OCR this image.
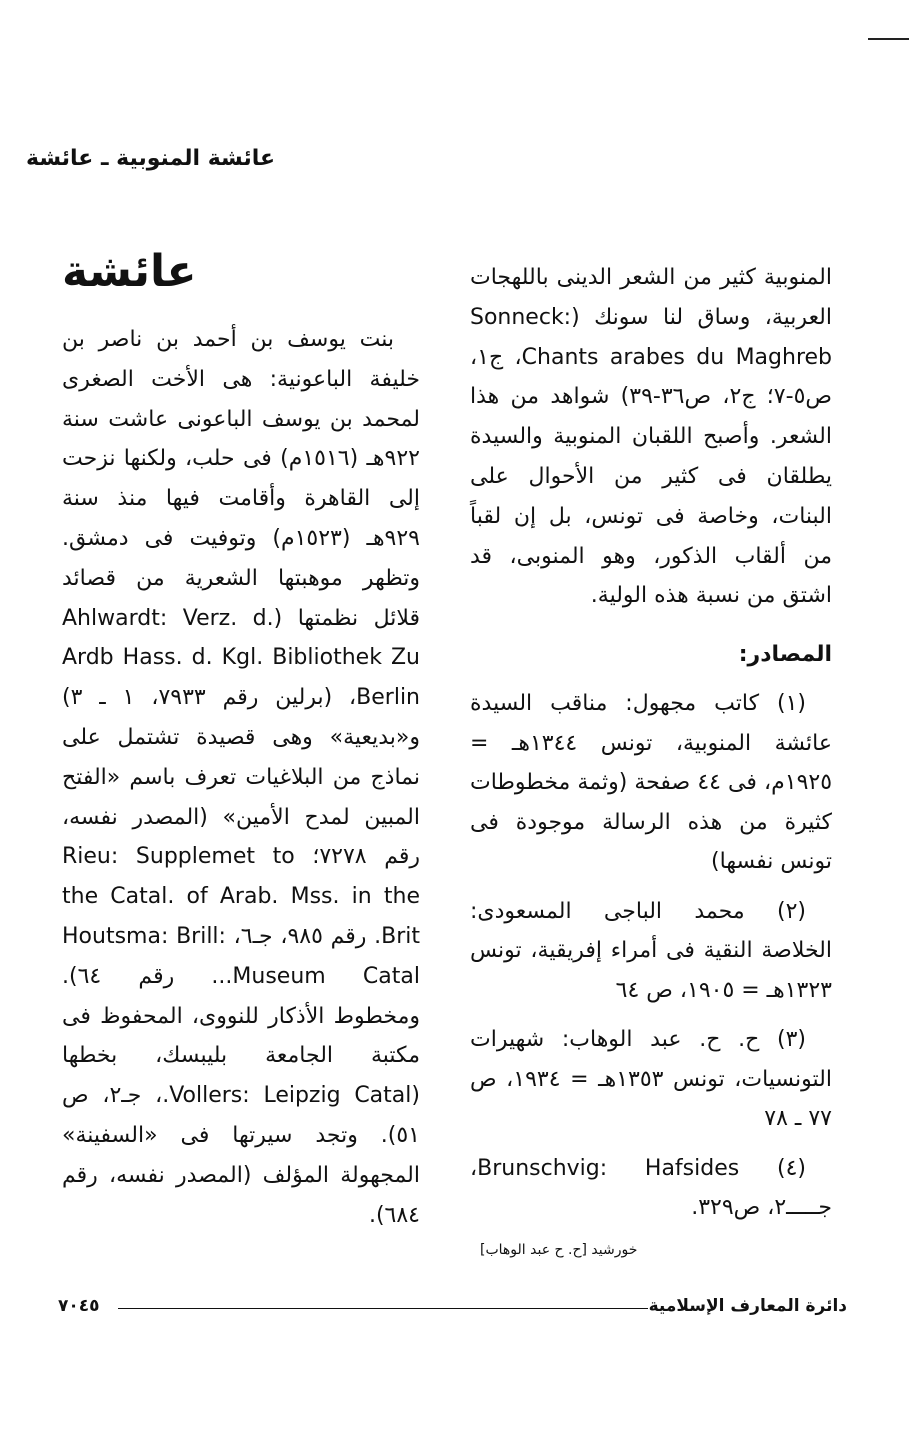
عائشة المنوبية ـ عائشة
عائشة

بنت يوسف بن أحمد بن ناصر بن خليفة الباعونية: هى الأخت الصغرى لمحمد بن يوسف الباعونى عاشت سنة ٩٢٢هـ (١٥١٦م) فى حلب، ولكنها نزحت إلى القاهرة وأقامت فيها منذ سنة ٩٢٩هـ (١٥٢٣م) وتوفيت فى دمشق. وتظهر موهبتها الشعرية من قصائد قلائل نظمتها (Ahlwardt: Verz. d. Ardb Hass. d. Kgl. Bibliothek Zu Berlin، (برلين رقم ٧٩٣٣، ١ ـ ٣) و«بديعية» وهى قصيدة تشتمل على نماذج من البلاغيات تعرف باسم «الفتح المبين لمدح الأمين» (المصدر نفسه، رقم ٧٢٧٨؛ Rieu: Supplemet to the Catal. of Arab. Mss. in the Brit. رقم ٩٨٥، جـ٦، Houtsma: Brill: Museum Catal... رقم ٦٤). ومخطوط الأذكار للنووى، المحفوظ فى مكتبة الجامعة بليبسك، بخطها (Vollers: Leipzig Catal.، جـ٢، ص ٥١). وتجد سيرتها فى «السفينة» المجهولة المؤلف (المصدر نفسه، رقم ٦٨٤).

المنوبية كثير من الشعر الدينى باللهجات العربية، وساق لنا سونك (Sonneck: Chants arabes du Maghreb، ج١، ص٥-٧؛ ج٢، ص٣٦-٣٩) شواهد من هذا الشعر. وأصبح اللقبان المنوبية والسيدة يطلقان فى كثير من الأحوال على البنات، وخاصة فى تونس، بل إن لقباً من ألقاب الذكور، وهو المنوبى، قد اشتق من نسبة هذه الولية.

المصادر:

(١) كاتب مجهول: مناقب السيدة عائشة المنوبية، تونس ١٣٤٤هـ = ١٩٢٥م، فى ٤٤ صفحة (وثمة مخطوطات كثيرة من هذه الرسالة موجودة فى تونس نفسها)

(٢) محمد الباجى المسعودى: الخلاصة النقية فى أمراء إفريقية، تونس ١٣٢٣هـ = ١٩٠٥، ص ٦٤

(٣) ح. ح. عبد الوهاب: شهيرات التونسيات، تونس ١٣٥٣هـ = ١٩٣٤، ص ٧٧ ـ ٧٨

(٤) Brunschvig: Hafsides، جـــــ٢، ص٣٢٩.

خورشيد [ح. ح عبد الوهاب]
٧٠٤٥	دائرة المعارف الإسلامية
